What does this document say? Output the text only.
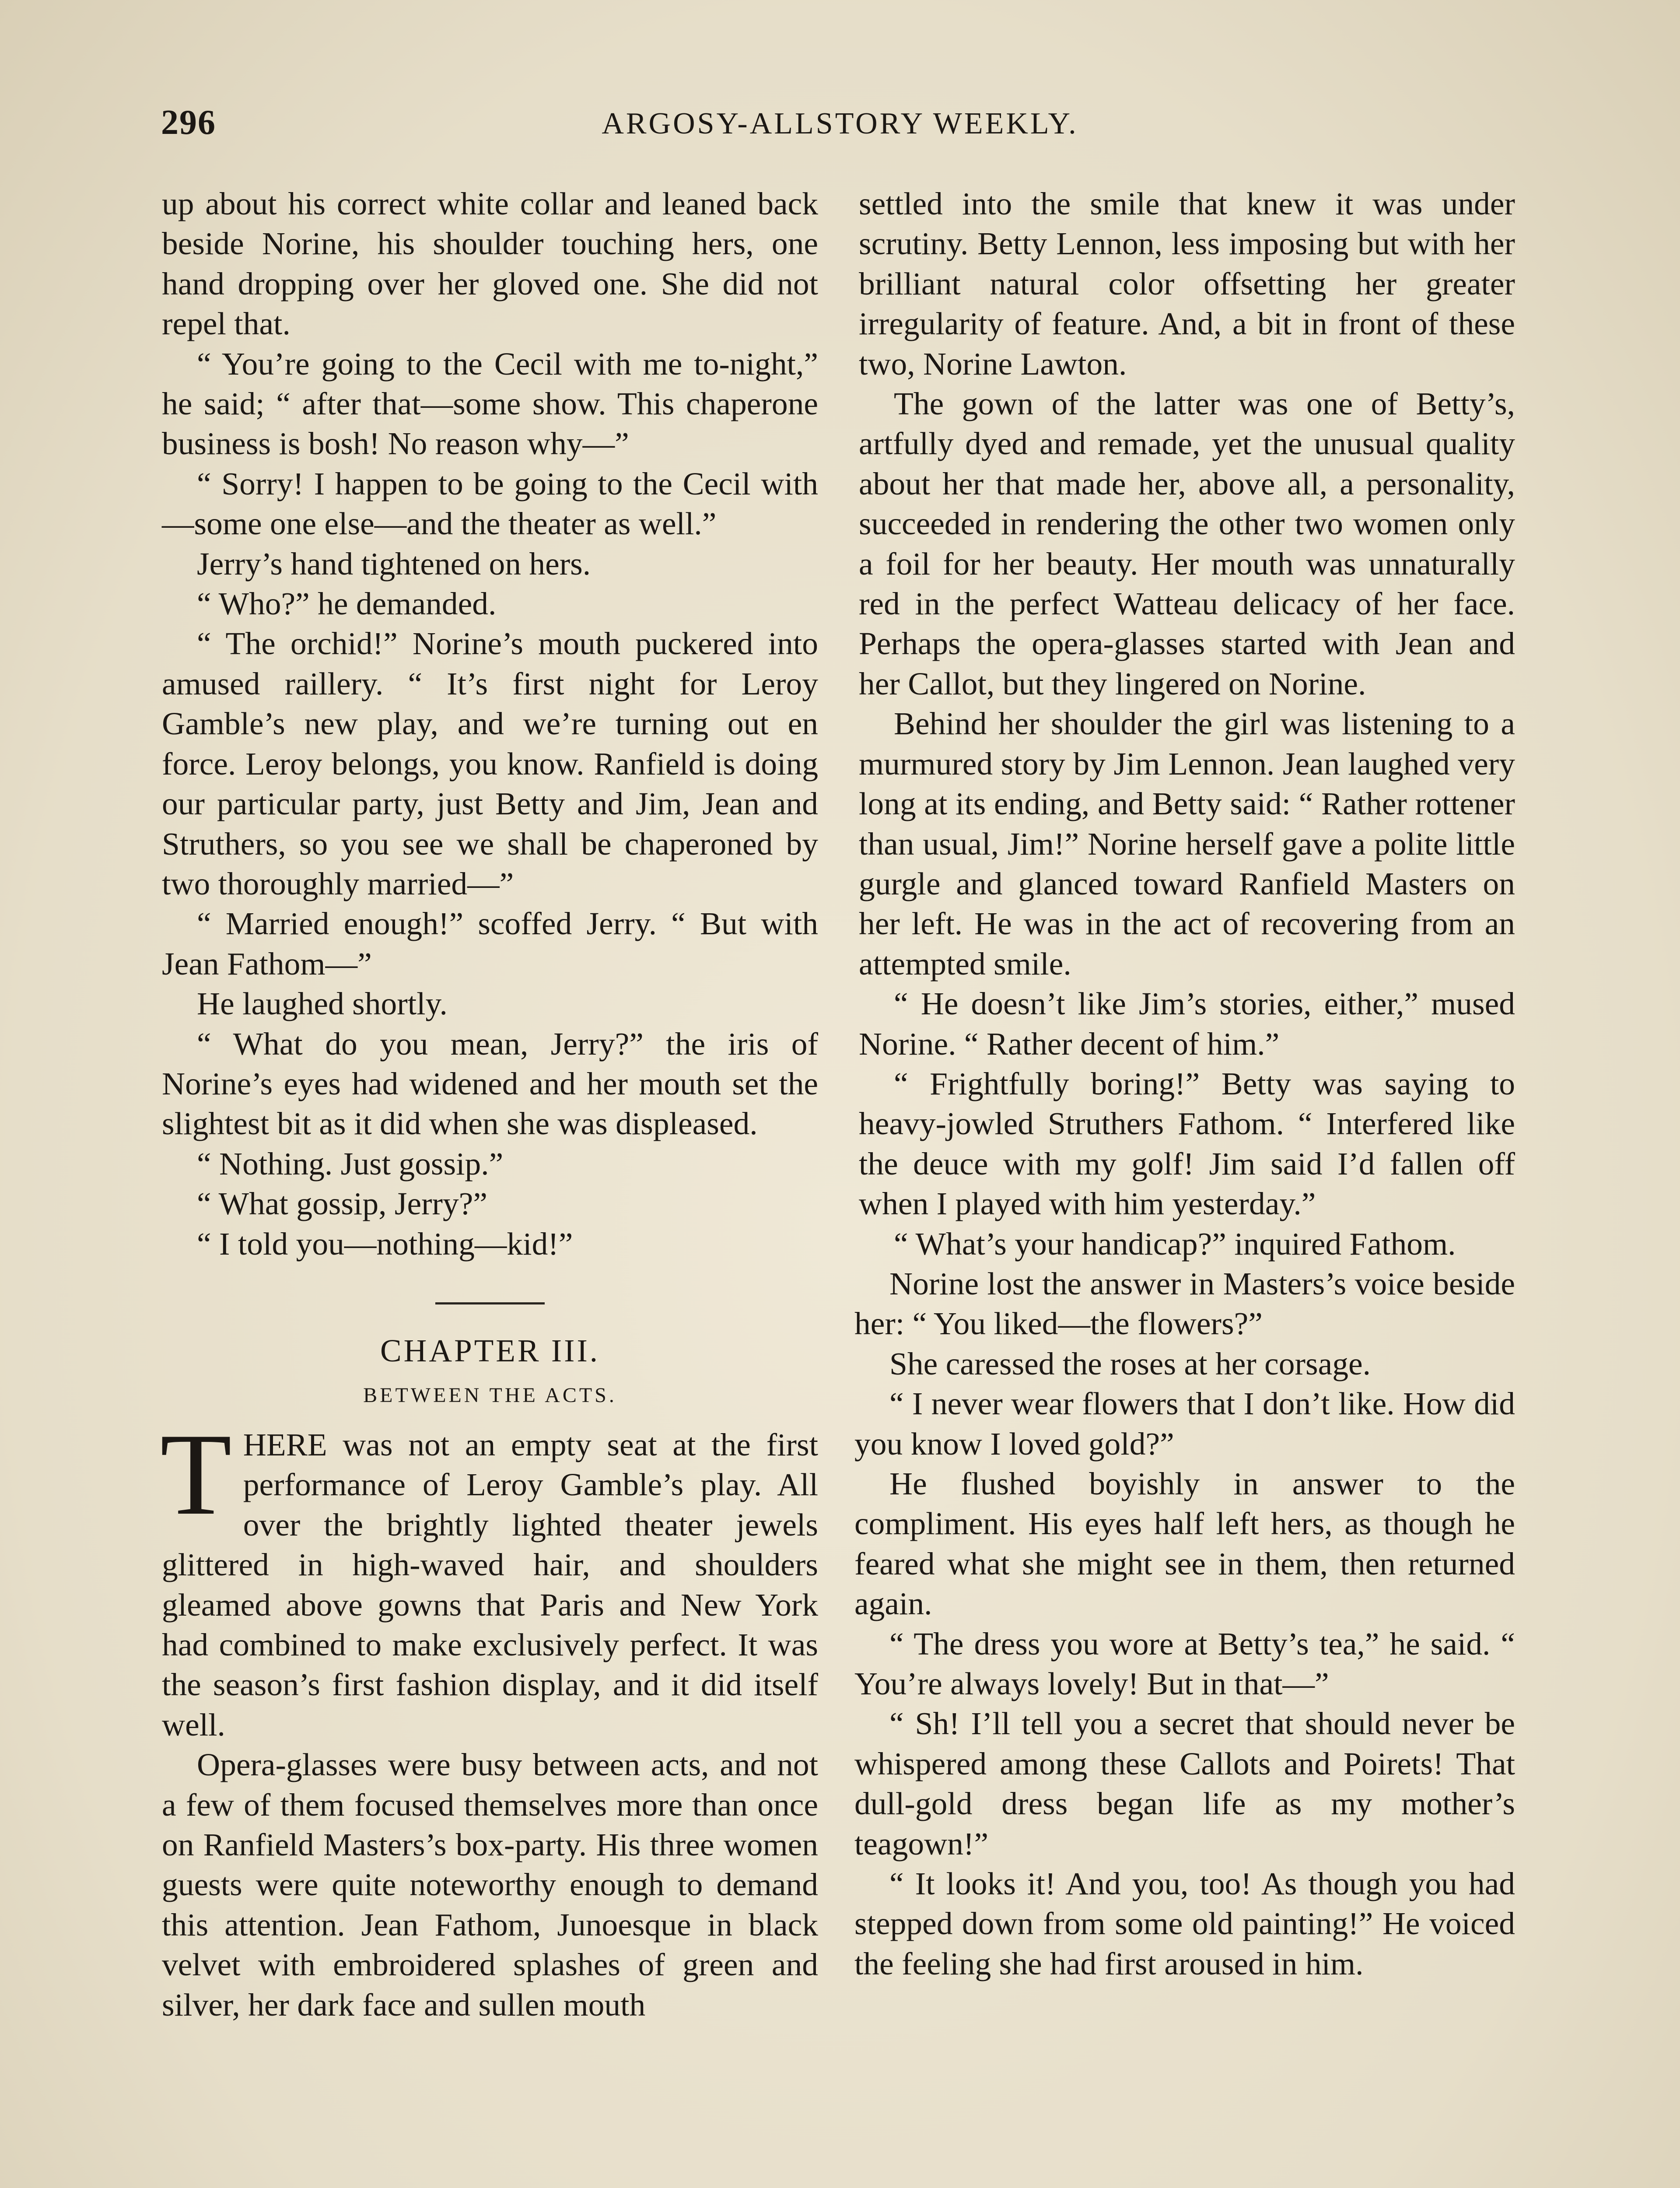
296	ARGOSY-ALLSTORY WEEKLY.

up about his correct white collar and leaned back beside Norine, his shoulder touching hers, one hand dropping over her gloved one. She did not repel that.

“ You’re going to the Cecil with me to-night,” he said; “ after that—some show. This chaperone business is bosh! No reason why—”

“ Sorry! I happen to be going to the Cecil with—some one else—and the theater as well.”

Jerry’s hand tightened on hers.

“ Who?” he demanded.

“ The orchid!” Norine’s mouth puckered into amused raillery. “ It’s first night for Leroy Gamble’s new play, and we’re turning out en force. Leroy belongs, you know. Ranfield is doing our particular party, just Betty and Jim, Jean and Struthers, so you see we shall be chaperoned by two thoroughly married—”

“ Married enough!” scoffed Jerry. “ But with Jean Fathom—”

He laughed shortly.

“ What do you mean, Jerry?” the iris of Norine’s eyes had widened and her mouth set the slightest bit as it did when she was displeased.

“ Nothing. Just gossip.”

“ What gossip, Jerry?”

“ I told you—nothing—kid!”

CHAPTER III.

BETWEEN THE ACTS.

THERE was not an empty seat at the first performance of Leroy Gamble’s play. All over the brightly lighted theater jewels glittered in high-waved hair, and shoulders gleamed above gowns that Paris and New York had combined to make exclusively perfect. It was the season’s first fashion display, and it did itself well.

Opera-glasses were busy between acts, and not a few of them focused themselves more than once on Ranfield Masters’s box-party. His three women guests were quite noteworthy enough to demand this attention. Jean Fathom, Junoesque in black velvet with embroidered splashes of green and silver, her dark face and sullen mouth

settled into the smile that knew it was under scrutiny. Betty Lennon, less imposing but with her brilliant natural color offsetting her greater irregularity of feature. And, a bit in front of these two, Norine Lawton.

The gown of the latter was one of Betty’s, artfully dyed and remade, yet the unusual quality about her that made her, above all, a personality, succeeded in rendering the other two women only a foil for her beauty. Her mouth was unnaturally red in the perfect Watteau delicacy of her face. Perhaps the opera-glasses started with Jean and her Callot, but they lingered on Norine.

Behind her shoulder the girl was listening to a murmured story by Jim Lennon. Jean laughed very long at its ending, and Betty said: “ Rather rottener than usual, Jim!” Norine herself gave a polite little gurgle and glanced toward Ranfield Masters on her left. He was in the act of recovering from an attempted smile.

“ He doesn’t like Jim’s stories, either,” mused Norine. “ Rather decent of him.”

“ Frightfully boring!” Betty was saying to heavy-jowled Struthers Fathom. “ Interfered like the deuce with my golf! Jim said I’d fallen off when I played with him yesterday.”

“ What’s your handicap?” inquired Fathom.

Norine lost the answer in Masters’s voice beside her: “ You liked—the flowers?”

She caressed the roses at her corsage.

“ I never wear flowers that I don’t like. How did you know I loved gold?”

He flushed boyishly in answer to the compliment. His eyes half left hers, as though he feared what she might see in them, then returned again.

“ The dress you wore at Betty’s tea,” he said. “ You’re always lovely! But in that—”

“ Sh! I’ll tell you a secret that should never be whispered among these Callots and Poirets! That dull-gold dress began life as my mother’s teagown!”

“ It looks it! And you, too! As though you had stepped down from some old painting!” He voiced the feeling she had first aroused in him.
